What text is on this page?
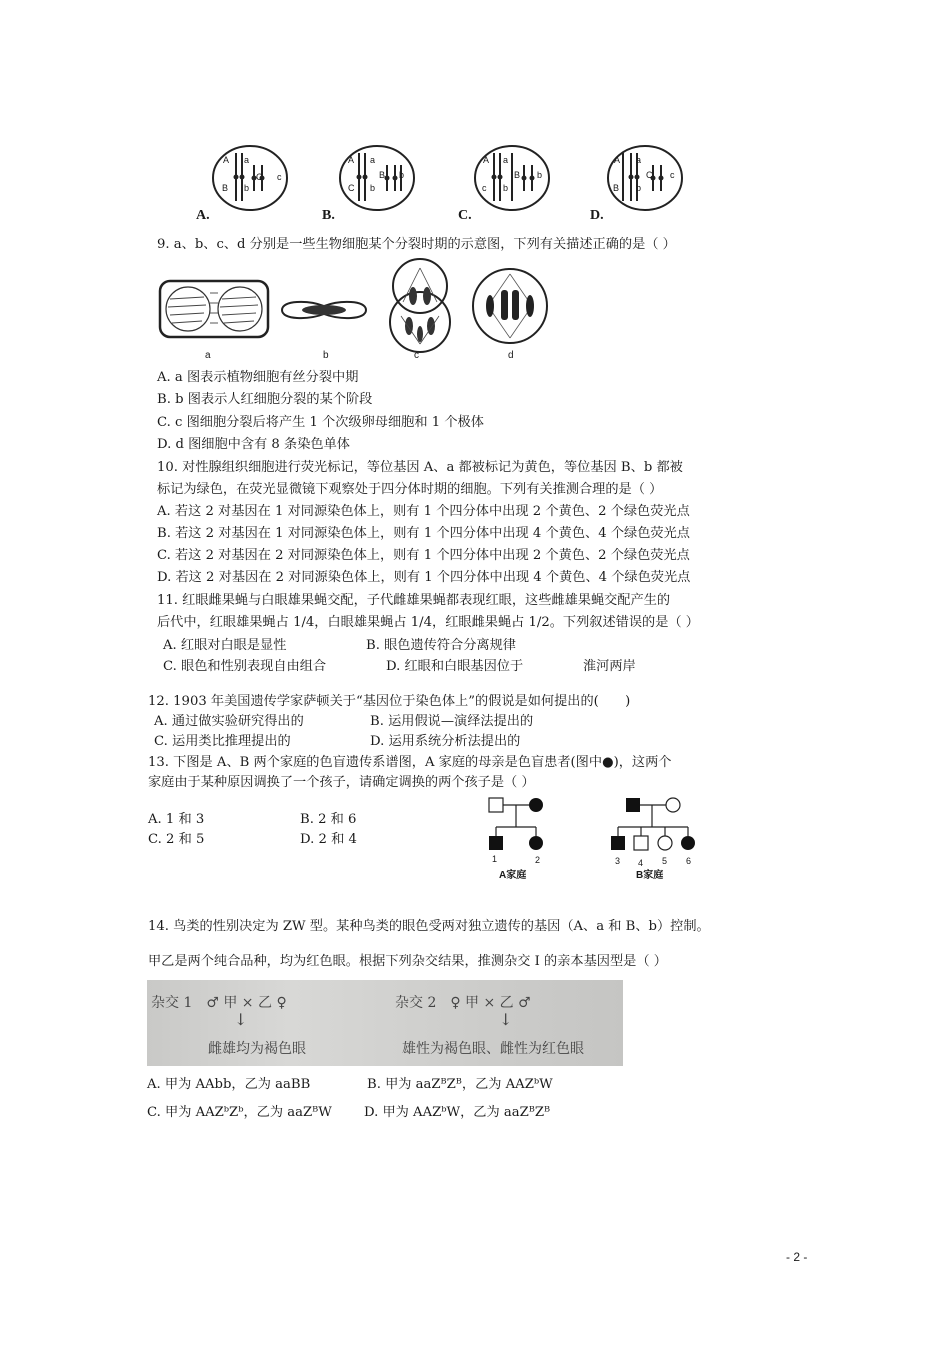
A a
B b
C c
A.
A a
C b
B b
B.
A a
c b
B b
C.
A a
B b
C c
D.
9. a、b、c、d 分别是一些生物细胞某个分裂时期的示意图，下列有关描述正确的是（ ）
a	b	c	d
A. a 图表示植物细胞有丝分裂中期
B. b 图表示人红细胞分裂的某个阶段
C. c 图细胞分裂后将产生 1 个次级卵母细胞和 1 个极体
D. d 图细胞中含有 8 条染色单体
10. 对性腺组织细胞进行荧光标记，等位基因 A、a 都被标记为黄色，等位基因 B、b 都被
标记为绿色，在荧光显微镜下观察处于四分体时期的细胞。下列有关推测合理的是（ ）
A. 若这 2 对基因在 1 对同源染色体上，则有 1 个四分体中出现 2 个黄色、2 个绿色荧光点
B. 若这 2 对基因在 1 对同源染色体上，则有 1 个四分体中出现 4 个黄色、4 个绿色荧光点
C. 若这 2 对基因在 2 对同源染色体上，则有 1 个四分体中出现 2 个黄色、2 个绿色荧光点
D. 若这 2 对基因在 2 对同源染色体上，则有 1 个四分体中出现 4 个黄色、4 个绿色荧光点
11. 红眼雌果蝇与白眼雄果蝇交配，子代雌雄果蝇都表现红眼，这些雌雄果蝇交配产生的
后代中，红眼雄果蝇占 1/4，白眼雄果蝇占 1/4，红眼雌果蝇占 1/2。下列叙述错误的是（ ）
A. 红眼对白眼是显性	B. 眼色遗传符合分离规律
C. 眼色和性别表现自由组合	D. 红眼和白眼基因位于	淮河两岸
12. 1903 年美国遗传学家萨顿关于“基因位于染色体上”的假说是如何提出的(　　)
A. 通过做实验研究得出的	B. 运用假说—演绎法提出的
C. 运用类比推理提出的	D. 运用系统分析法提出的
13. 下图是 A、B 两个家庭的色盲遗传系谱图，A 家庭的母亲是色盲患者(图中●)，这两个
家庭由于某种原因调换了一个孩子，请确定调换的两个孩子是（ ）
A. 1 和 3	B. 2 和 6
C. 2 和 5	D. 2 和 4
1	2
A家庭
3 4 5 6
B家庭
14. 鸟类的性别决定为 ZW 型。某种鸟类的眼色受两对独立遗传的基因（A、a 和 B、b）控制。
甲乙是两个纯合品种，均为红色眼。根据下列杂交结果，推测杂交 I 的亲本基因型是（ ）
杂交 1　♂ 甲 × 乙 ♀
↓
雌雄均为褐色眼
杂交 2　♀ 甲 × 乙 ♂
↓
雄性为褐色眼、雌性为红色眼
A. 甲为 AAbb，乙为 aaBB	B. 甲为 aaZᴮZᴮ，乙为 AAZᵇW
C. 甲为 AAZᵇZᵇ，乙为 aaZᴮW D. 甲为 AAZᵇW，乙为 aaZᴮZᴮ
- 2 -
